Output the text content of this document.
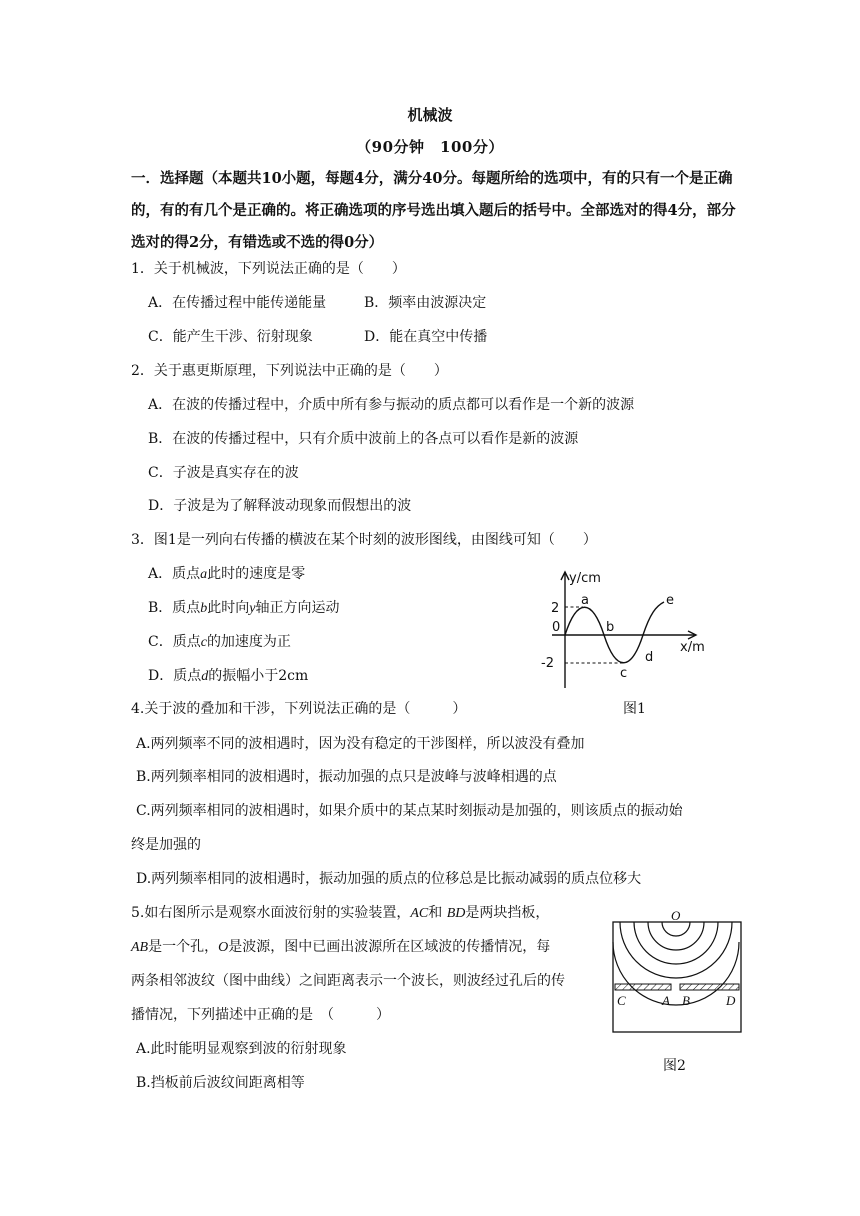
机械波
（90分钟　100分）
一．选择题（本题共10小题，每题4分，满分40分。每题所给的选项中，有的只有一个是正确的，有的有几个是正确的。将正确选项的序号选出填入题后的括号中。全部选对的得4分，部分选对的得2分，有错选或不选的得0分）
1．关于机械波，下列说法正确的是（　　）
A．在传播过程中能传递能量	B．频率由波源决定
C．能产生干涉、衍射现象	D．能在真空中传播
2．关于惠更斯原理，下列说法中正确的是（　　）
A．在波的传播过程中，介质中所有参与振动的质点都可以看作是一个新的波源
B．在波的传播过程中，只有介质中波前上的各点可以看作是新的波源
C．子波是真实存在的波
D．子波是为了解释波动现象而假想出的波
3．图1是一列向右传播的横波在某个时刻的波形图线，由图线可知（　　）
A．质点a此时的速度是零
B．质点b此时向y轴正方向运动
C．质点c的加速度为正
D．质点d的振幅小于2cm
y/cm
x/m
2
-2
0
a
b
c
d
e
图1
4.关于波的叠加和干涉，下列说法正确的是（　　　）
A.两列频率不同的波相遇时，因为没有稳定的干涉图样，所以波没有叠加
B.两列频率相同的波相遇时，振动加强的点只是波峰与波峰相遇的点
C.两列频率相同的波相遇时，如果介质中的某点某时刻振动是加强的，则该质点的振动始
终是加强的
D.两列频率相同的波相遇时，振动加强的质点的位移总是比振动减弱的质点位移大
5.如右图所示是观察水面波衍射的实验装置，AC和 BD是两块挡板，
AB是一个孔，O是波源，图中已画出波源所在区域波的传播情况，每
两条相邻波纹（图中曲线）之间距离表示一个波长，则波经过孔后的传
播情况，下列描述中正确的是　（　　　）
A.此时能明显观察到波的衍射现象
B.挡板前后波纹间距离相等
O
C	A B	D
图2
